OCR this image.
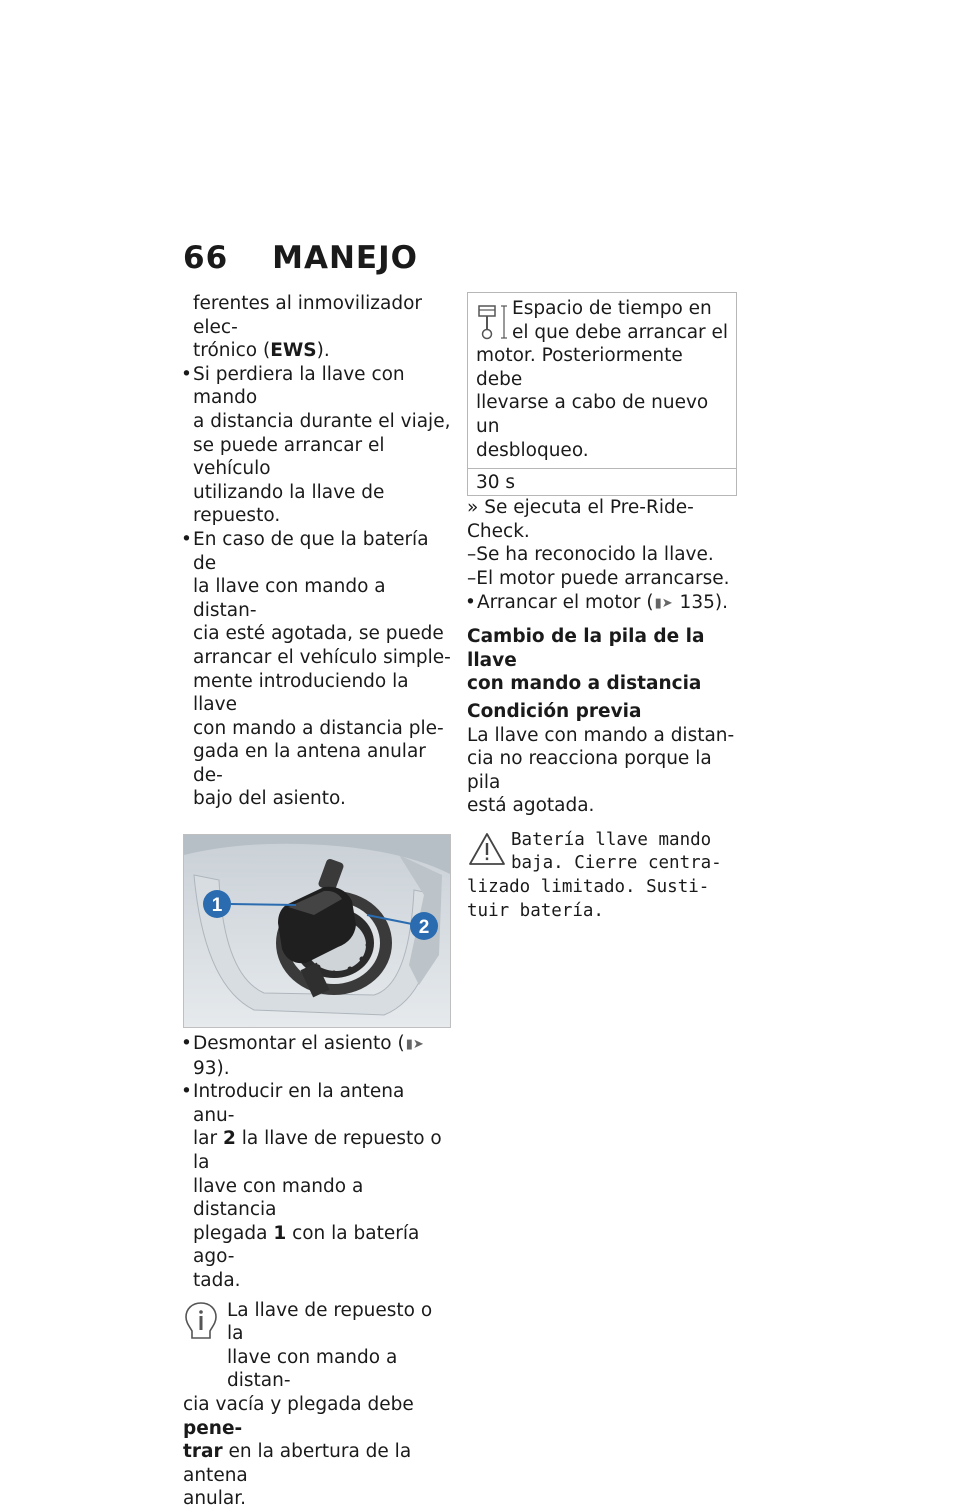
66 MANEJO
ferentes al inmovilizador elec-
trónico (EWS).
• Si perdiera la llave con mando
a distancia durante el viaje,
se puede arrancar el vehículo
utilizando la llave de repuesto.
• En caso de que la batería de
la llave con mando a distan-
cia esté agotada, se puede
arrancar el vehículo simple-
mente introduciendo la llave
con mando a distancia ple-
gada en la antena anular de-
bajo del asiento.
1
2
• Desmontar el asiento (▮➤ 93).
• Introducir en la antena anu-
lar 2 la llave de repuesto o la
llave con mando a distancia
plegada 1 con la batería ago-
tada.
La llave de repuesto o la
llave con mando a distan-
cia vacía y plegada debe pene-
trar en la abertura de la antena
anular.
Espacio de tiempo en
el que debe arrancar el
motor. Posteriormente debe
llevarse a cabo de nuevo un
desbloqueo.
30 s
» Se ejecuta el Pre-Ride-Check.
–Se ha reconocido la llave.
–El motor puede arrancarse.
• Arrancar el motor (▮➤ 135).
Cambio de la pila de la llave
con mando a distancia
Condición previa
La llave con mando a distan-
cia no reacciona porque la pila
está agotada.
Batería llave mando
baja. Cierre centra-
lizado limitado. Susti-
tuir batería.
